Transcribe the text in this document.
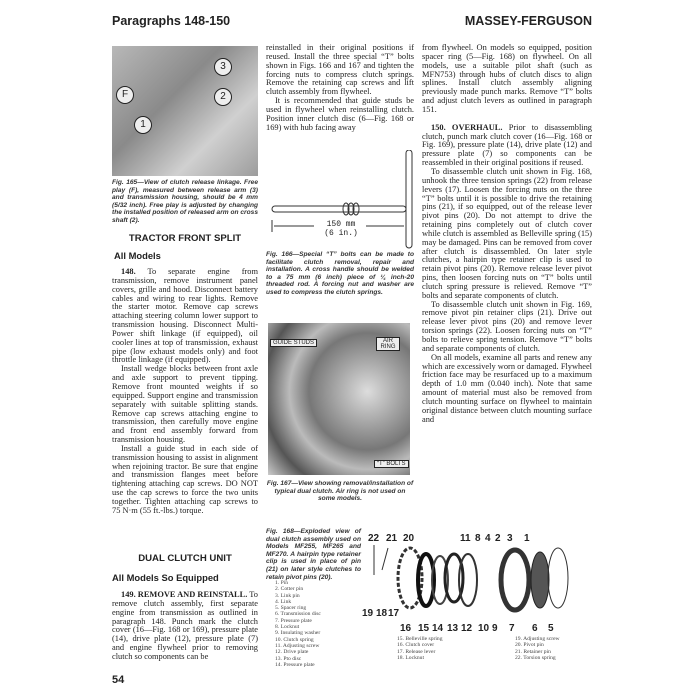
Paragraphs 148-150	MASSEY-FERGUSON
3
2
F
1
Fig. 165—View of clutch release linkage. Free play (F), measured between release arm (3) and transmission housing, should be 4 mm (5/32 inch). Free play is adjusted by changing the installed position of released arm on cross shaft (2).
TRACTOR FRONT SPLIT
All Models

148. To separate engine from transmission, remove instrument panel covers, grille and hood. Disconnect battery cables and wiring to rear lights. Remove the starter motor. Remove cap screws attaching steering column lower support to transmission housing. Disconnect Multi-Power shift linkage (if equipped), oil cooler lines at top of transmission, exhaust pipe (low exhaust models only) and foot throttle linkage (if equipped).

Install wedge blocks between front axle and axle support to prevent tipping. Remove front mounted weights if so equipped. Support engine and transmission separately with suitable splitting stands. Remove cap screws attaching engine to transmission, then carefully move engine and front end assembly forward from transmission housing.

Install a guide stud in each side of transmission housing to assist in alignment when rejoining tractor. Be sure that engine and transmission flanges meet before tightening attaching cap screws. DO NOT use the cap screws to force the two units together. Tighten attaching cap screws to 75 N·m (55 ft.-lbs.) torque.

DUAL CLUTCH UNIT
All Models So Equipped

149. REMOVE AND REINSTALL. To remove clutch assembly, first separate engine from transmission as outlined in paragraph 148. Punch mark the clutch cover (16—Fig. 168 or 169), pressure plate (14), drive plate (12), pressure plate (7) and engine flywheel prior to removing clutch so components can be

54

reinstalled in their original positions if reused. Install the three special “T” bolts shown in Figs. 166 and 167 and tighten the forcing nuts to compress clutch springs. Remove the retaining cap screws and lift clutch assembly from flywheel.

It is recommended that guide studs be used in flywheel when reinstalling clutch. Position inner clutch disc (6—Fig. 168 or 169) with hub facing away

150 mm
(6 in.)
Fig. 166—Special “T” bolts can be made to facilitate clutch removal, repair and installation. A cross handle should be welded to a 75 mm (6 inch) piece of ¼ inch-20 threaded rod. A forcing nut and washer are used to compress the clutch springs.
GUIDE STUDS	AIR RING
“T” BOLTS
Fig. 167—View showing removal/installation of typical dual clutch. Air ring is not used on some models.
Fig. 168—Exploded view of dual clutch assembly used on Models MF255, MF265 and MF270. A hairpin type retainer clip is used in place of pin (21) on later style clutches to retain pivot pins (20).
1. Pin
2. Cotter pin
3. Link pin
4. Link
5. Spacer ring
6. Transmission disc
7. Pressure plate
8. Locknut
9. Insulating washer
10. Clutch spring
11. Adjusting screw
12. Drive plate
13. Pto disc
14. Pressure plate

from flywheel. On models so equipped, position spacer ring (5—Fig. 168) on flywheel. On all models, use a suitable pilot shaft (such as MFN753) through hubs of clutch discs to align splines. Install clutch assembly aligning previously made punch marks. Remove “T” bolts and adjust clutch levers as outlined in paragraph 151.

150. OVERHAUL. Prior to disassembling clutch, punch mark clutch cover (16—Fig. 168 or Fig. 169), pressure plate (14), drive plate (12) and pressure plate (7) so components can be reassembled in their original positions if reused.

To disassemble clutch unit shown in Fig. 168, unhook the three tension springs (22) from release levers (17). Loosen the forcing nuts on the three “T” bolts until it is possible to drive the retaining pins (21), if so equipped, out of the release lever pivot pins (20). Do not attempt to drive the retaining pins completely out of clutch cover while clutch is assembled as Belleville spring (15) may be damaged. Pins can be removed from cover after clutch is disassembled. On later style clutches, a hairpin type retainer clip is used to retain pivot pins (20). Remove release lever pivot pins, then loosen forcing nuts on “T” bolts until clutch spring pressure is relieved. Remove “T” bolts and separate components of clutch.

To disassemble clutch unit shown in Fig. 169, remove pivot pin retainer clips (21). Drive out release lever pivot pins (20) and remove lever torsion springs (22). Loosen forcing nuts on “T” bolts to relieve spring tension. Remove “T” bolts and separate components of clutch.

On all models, examine all parts and renew any which are excessively worn or damaged. Flywheel friction face may be resurfaced up to a maximum depth of 1.0 mm (0.040 inch). Note that same amount of material must also be removed from clutch mounting surface on flywheel to maintain original distance between clutch mounting surface and

22 21 20	11 8 4 2 3 1
19 18 17
16 15 14 13 12 10 9 7 6 5
15. Belleville spring
16. Clutch cover
17. Release lever
18. Locknut
19. Adjusting screw
20. Pivot pin
21. Retainer pin
22. Torsion spring
